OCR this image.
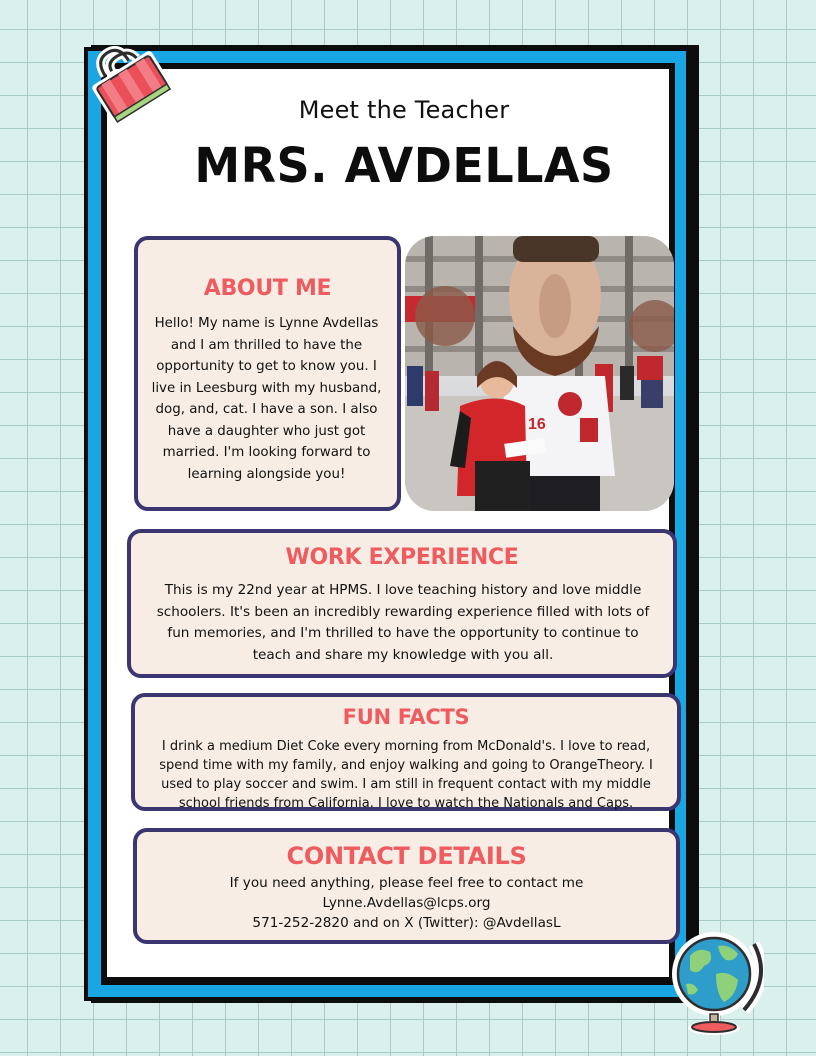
Meet the Teacher
MRS. AVDELLAS
ABOUT ME
Hello! My name is Lynne Avdellas and I am thrilled to have the opportunity to get to know you. I live in Leesburg with my husband, dog, and, cat. I have a son. I also have a daughter who just got married. I'm looking forward to learning alongside you!
16
WORK EXPERIENCE
This is my 22nd year at HPMS. I love teaching history and love middle schoolers. It's been an incredibly rewarding experience filled with lots of fun memories, and I'm thrilled to have the opportunity to continue to teach and share my knowledge with you all.
FUN FACTS
I drink a medium Diet Coke every morning from McDonald's. I love to read, spend time with my family, and enjoy walking and going to OrangeTheory. I used to play soccer and swim. I am still in frequent contact with my middle school friends from California. I love to watch the Nationals and Caps.
CONTACT DETAILS
If you need anything, please feel free to contact me
Lynne.Avdellas@lcps.org
571-252-2820 and on X (Twitter): @AvdellasL
